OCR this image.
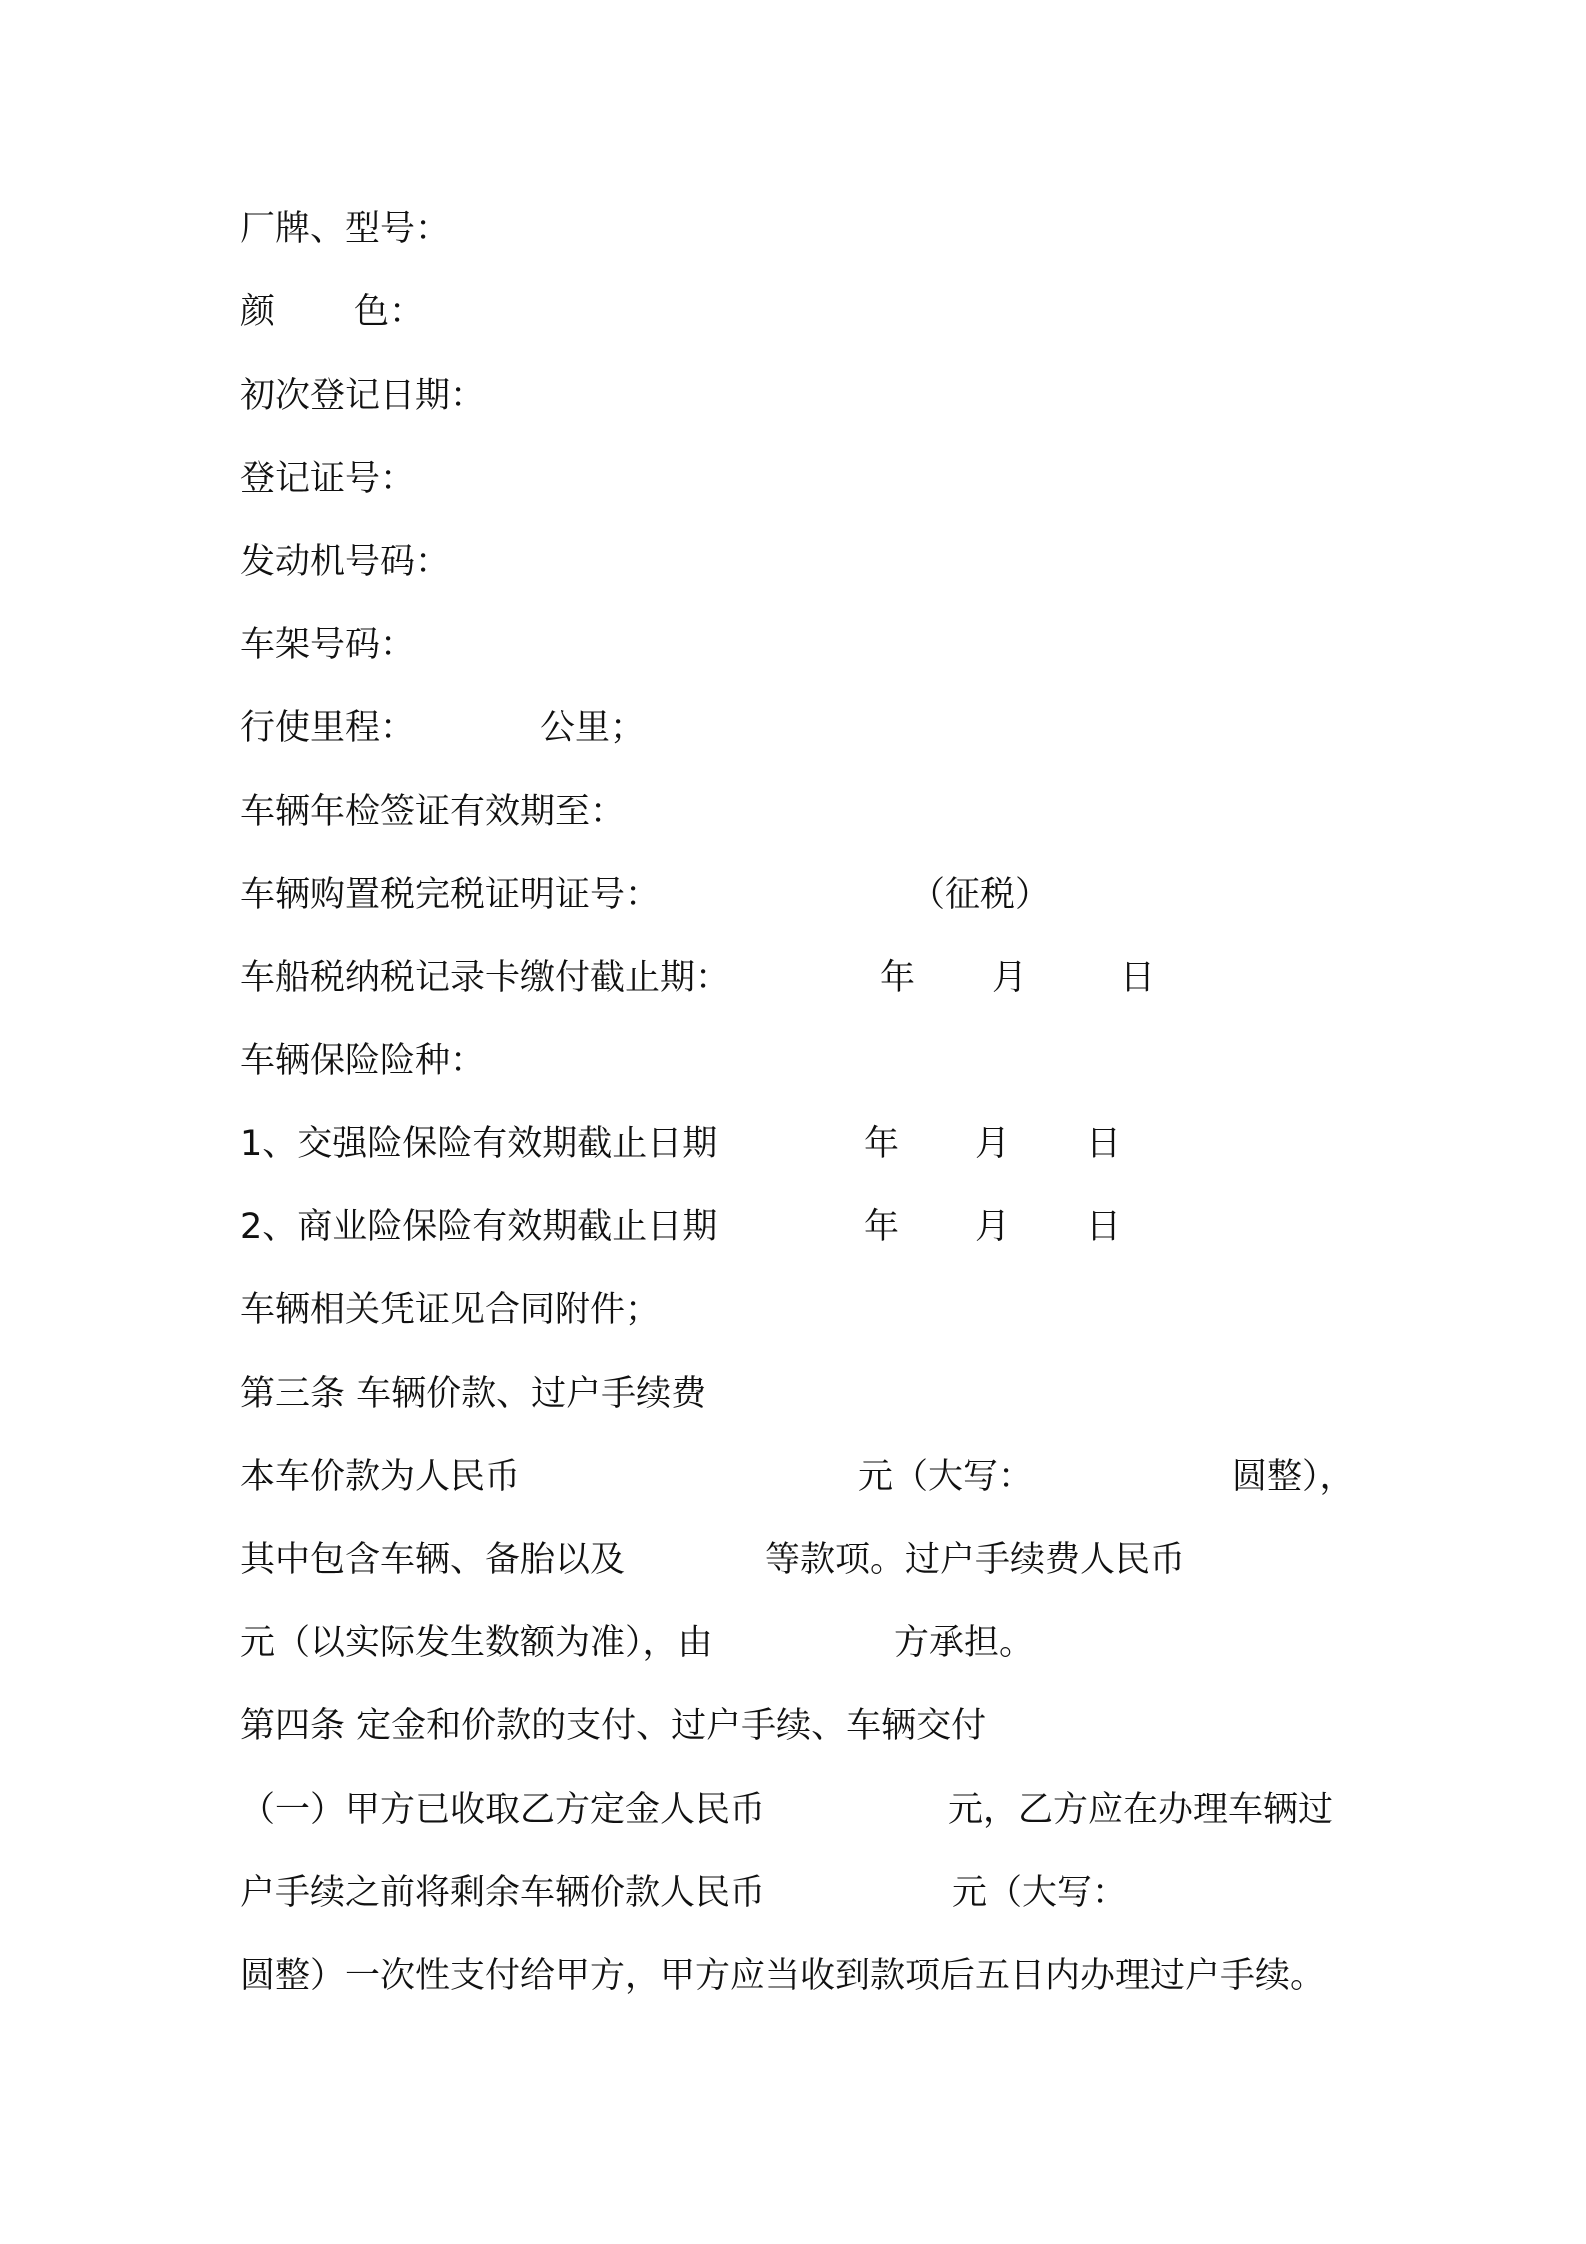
厂牌、型号：
颜 色：
初次登记日期：
登记证号：
发动机号码：
车架号码：
行使里程：	公里；
车辆年检签证有效期至：
车辆购置税完税证明证号：	（征税）
车船税纳税记录卡缴付截止期：	年 月	日
车辆保险险种：
1、交强险保险有效期截止日期	年 月 日
2、商业险保险有效期截止日期	年 月 日
车辆相关凭证见合同附件；
第三条 车辆价款、过户手续费
本车价款为人民币	元（大写：	圆整），
其中包含车辆、备胎以及	等款项。过户手续费人民币
元（以实际发生数额为准），由	方承担。
第四条 定金和价款的支付、过户手续、车辆交付
（一）甲方已收取乙方定金人民币	元，乙方应在办理车辆过
户手续之前将剩余车辆价款人民币	元（大写：
圆整）一次性支付给甲方，甲方应当收到款项后五日内办理过户手续。
